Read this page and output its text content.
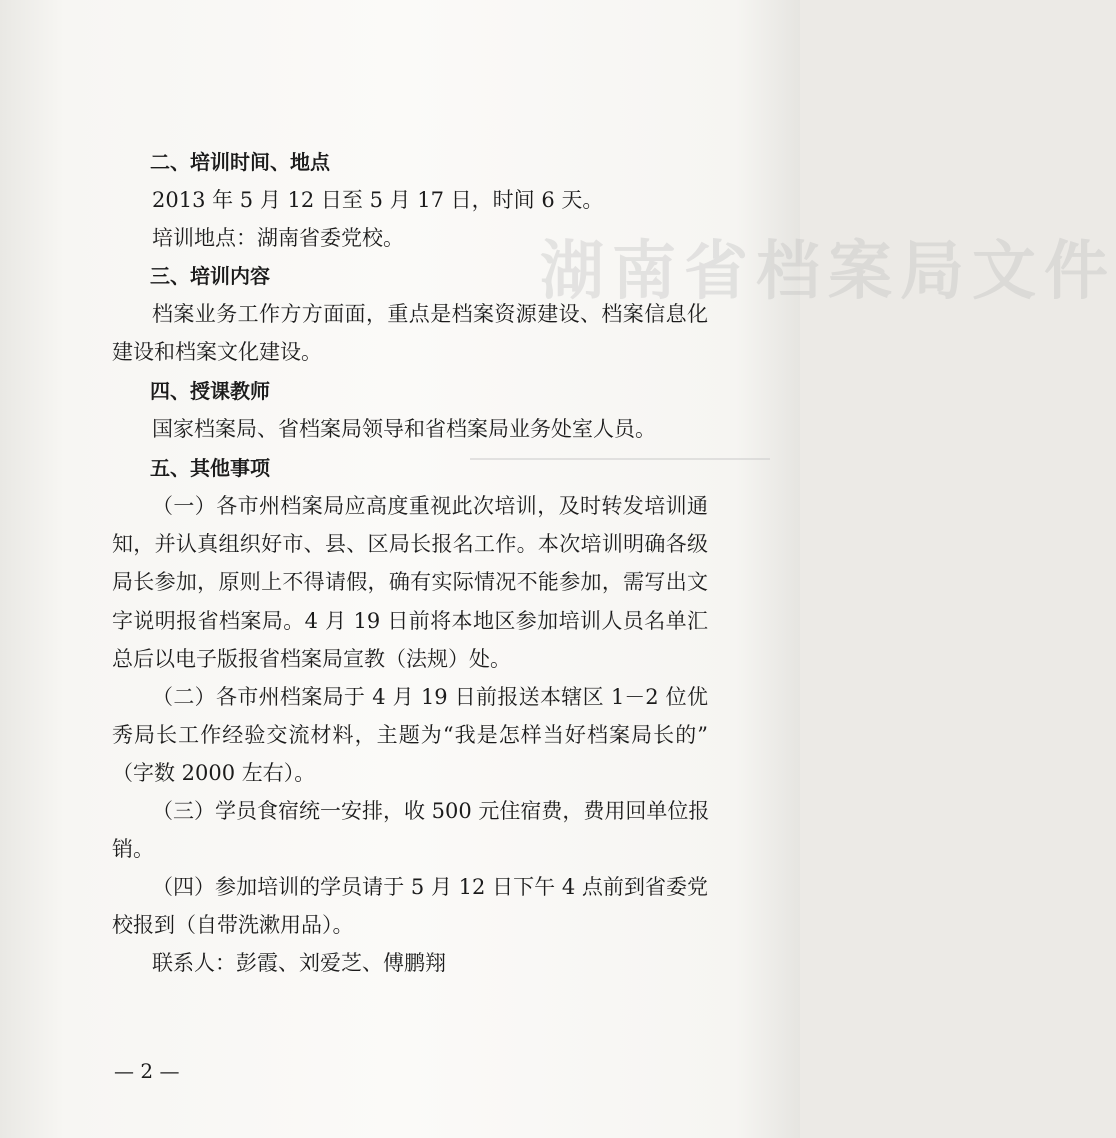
湖南省档案局文件
二、培训时间、地点
2013 年 5 月 12 日至 5 月 17 日，时间 6 天。
培训地点：湖南省委党校。
三、培训内容
档案业务工作方方面面，重点是档案资源建设、档案信息化
建设和档案文化建设。
四、授课教师
国家档案局、省档案局领导和省档案局业务处室人员。
五、其他事项
（一）各市州档案局应高度重视此次培训，及时转发培训通
知，并认真组织好市、县、区局长报名工作。本次培训明确各级
局长参加，原则上不得请假，确有实际情况不能参加，需写出文
字说明报省档案局。4 月 19 日前将本地区参加培训人员名单汇
总后以电子版报省档案局宣教（法规）处。
（二）各市州档案局于 4 月 19 日前报送本辖区 1－2 位优
秀局长工作经验交流材料，主题为“我是怎样当好档案局长的”
（字数 2000 左右）。
（三）学员食宿统一安排，收 500 元住宿费，费用回单位报
销。
（四）参加培训的学员请于 5 月 12 日下午 4 点前到省委党
校报到（自带洗漱用品）。
联系人：彭霞、刘爱芝、傅鹏翔
— 2 —
